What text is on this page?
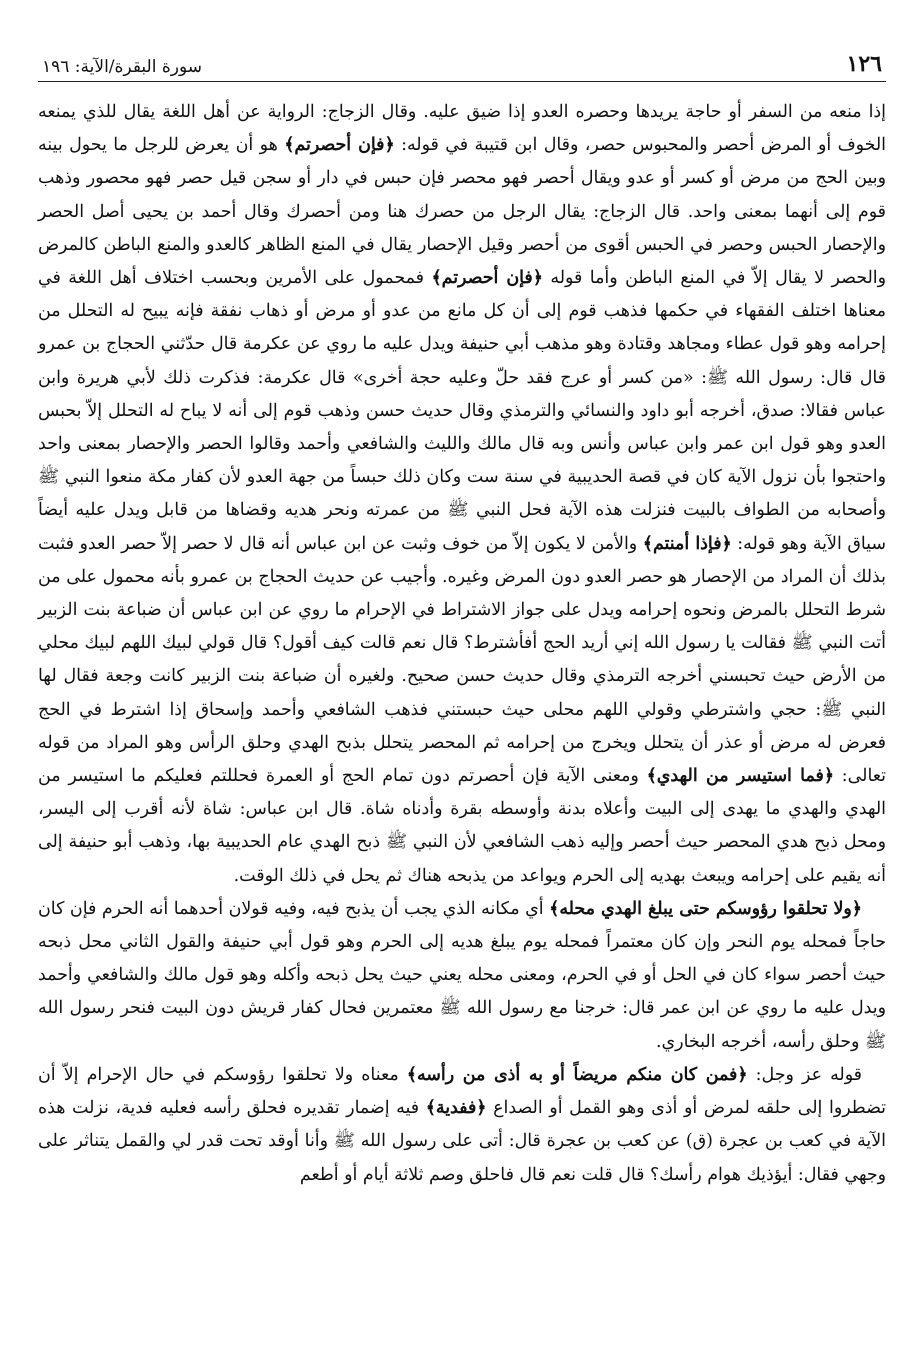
١٢٦
سورة البقرة/الآية: ١٩٦

إذا منعه من السفر أو حاجة يريدها وحصره العدو إذا ضيق عليه. وقال الزجاج: الرواية عن أهل اللغة يقال للذي يمنعه الخوف أو المرض أحصر والمحبوس حصر، وقال ابن قتيبة في قوله: ﴿فإن أحصرتم﴾ هو أن يعرض للرجل ما يحول بينه وبين الحج من مرض أو كسر أو عدو ويقال أحصر فهو محصر فإن حبس في دار أو سجن قيل حصر فهو محصور وذهب قوم إلى أنهما بمعنى واحد. قال الزجاج: يقال الرجل من حصرك هنا ومن أحصرك وقال أحمد بن يحيى أصل الحصر والإحصار الحبس وحصر في الحبس أقوى من أحصر وقيل الإحصار يقال في المنع الظاهر كالعدو والمنع الباطن كالمرض والحصر لا يقال إلاّ في المنع الباطن وأما قوله ﴿فإن أحصرتم﴾ فمحمول على الأمرين وبحسب اختلاف أهل اللغة في معناها اختلف الفقهاء في حكمها فذهب قوم إلى أن كل مانع من عدو أو مرض أو ذهاب نفقة فإنه يبيح له التحلل من إحرامه وهو قول عطاء ومجاهد وقتادة وهو مذهب أبي حنيفة ويدل عليه ما روي عن عكرمة قال حدّثني الحجاج بن عمرو قال قال: رسول الله ﷺ: «من كسر أو عرج فقد حلّ وعليه حجة أخرى» قال عكرمة: فذكرت ذلك لأبي هريرة وابن عباس فقالا: صدق، أخرجه أبو داود والنسائي والترمذي وقال حديث حسن وذهب قوم إلى أنه لا يباح له التحلل إلاّ بحبس العدو وهو قول ابن عمر وابن عباس وأنس وبه قال مالك والليث والشافعي وأحمد وقالوا الحصر والإحصار بمعنى واحد واحتجوا بأن نزول الآية كان في قصة الحديبية في سنة ست وكان ذلك حبساً من جهة العدو لأن كفار مكة منعوا النبي ﷺ وأصحابه من الطواف بالبيت فنزلت هذه الآية فحل النبي ﷺ من عمرته ونحر هديه وقضاها من قابل ويدل عليه أيضاً سياق الآية وهو قوله: ﴿فإذا أمنتم﴾ والأمن لا يكون إلاّ من خوف وثبت عن ابن عباس أنه قال لا حصر إلاّ حصر العدو فثبت بذلك أن المراد من الإحصار هو حصر العدو دون المرض وغيره. وأجيب عن حديث الحجاج بن عمرو بأنه محمول على من شرط التحلل بالمرض ونحوه إحرامه ويدل على جواز الاشتراط في الإحرام ما روي عن ابن عباس أن ضباعة بنت الزبير أتت النبي ﷺ فقالت يا رسول الله إني أريد الحج أفأشترط؟ قال نعم قالت كيف أقول؟ قال قولي لبيك اللهم لبيك محلي من الأرض حيث تحبسني أخرجه الترمذي وقال حديث حسن صحيح. ولغيره أن ضباعة بنت الزبير كانت وجعة فقال لها النبي ﷺ: حجي واشترطي وقولي اللهم محلى حيث حبستني فذهب الشافعي وأحمد وإسحاق إذا اشترط في الحج فعرض له مرض أو عذر أن يتحلل ويخرج من إحرامه ثم المحصر يتحلل بذبح الهدي وحلق الرأس وهو المراد من قوله تعالى: ﴿فما استيسر من الهدي﴾ ومعنى الآية فإن أحصرتم دون تمام الحج أو العمرة فحللتم فعليكم ما استيسر من الهدي والهدي ما يهدى إلى البيت وأعلاه بدنة وأوسطه بقرة وأدناه شاة. قال ابن عباس: شاة لأنه أقرب إلى اليسر، ومحل ذبح هدي المحصر حيث أحصر وإليه ذهب الشافعي لأن النبي ﷺ ذبح الهدي عام الحديبية بها، وذهب أبو حنيفة إلى أنه يقيم على إحرامه ويبعث بهديه إلى الحرم ويواعد من يذبحه هناك ثم يحل في ذلك الوقت.

﴿ولا تحلقوا رؤوسكم حتى يبلغ الهدي محله﴾ أي مكانه الذي يجب أن يذبح فيه، وفيه قولان أحدهما أنه الحرم فإن كان حاجاً فمحله يوم النحر وإن كان معتمراً فمحله يوم يبلغ هديه إلى الحرم وهو قول أبي حنيفة والقول الثاني محل ذبحه حيث أحصر سواء كان في الحل أو في الحرم، ومعنى محله يعني حيث يحل ذبحه وأكله وهو قول مالك والشافعي وأحمد ويدل عليه ما روي عن ابن عمر قال: خرجنا مع رسول الله ﷺ معتمرين فحال كفار قريش دون البيت فنحر رسول الله ﷺ وحلق رأسه، أخرجه البخاري.

قوله عز وجل: ﴿فمن كان منكم مريضاً أو به أذى من رأسه﴾ معناه ولا تحلقوا رؤوسكم في حال الإحرام إلاّ أن تضطروا إلى حلقه لمرض أو أذى وهو القمل أو الصداع ﴿ففدية﴾ فيه إضمار تقديره فحلق رأسه فعليه فدية، نزلت هذه الآية في كعب بن عجرة (ق) عن كعب بن عجرة قال: أتى على رسول الله ﷺ وأنا أوقد تحت قدر لي والقمل يتناثر على وجهي فقال: أيؤذيك هوام رأسك؟ قال قلت نعم قال فاحلق وصم ثلاثة أيام أو أطعم
